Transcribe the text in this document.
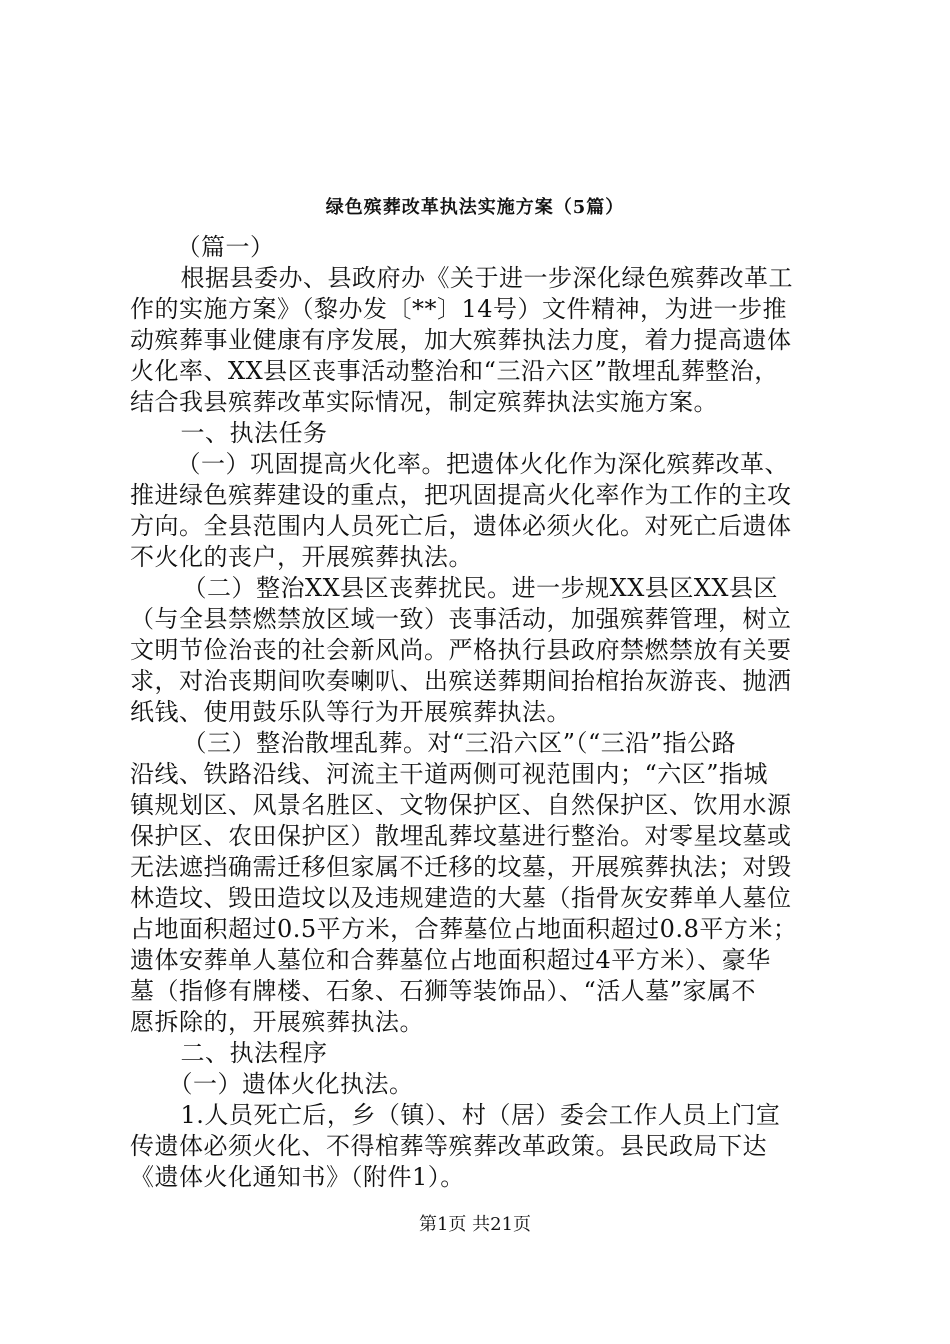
绿色殡葬改革执法实施方案（5篇）
　（篇一）
　根据县委办、县政府办《关于进一步深化绿色殡葬改革工
作的实施方案》（黎办发〔**〕14号）文件精神，为进一步推
动殡葬事业健康有序发展，加大殡葬执法力度，着力提高遗体
火化率、XX县区丧事活动整治和“三沿六区”散埋乱葬整治，
结合我县殡葬改革实际情况，制定殡葬执法实施方案。
　一、执法任务
　（一）巩固提高火化率。把遗体火化作为深化殡葬改革、
推进绿色殡葬建设的重点，把巩固提高火化率作为工作的主攻
方向。全县范围内人员死亡后，遗体必须火化。对死亡后遗体
不火化的丧户，开展殡葬执法。
　（二）整治XX县区丧葬扰民。进一步规XX县区XX县区
（与全县禁燃禁放区域一致）丧事活动，加强殡葬管理，树立
文明节俭治丧的社会新风尚。严格执行县政府禁燃禁放有关要
求，对治丧期间吹奏喇叭、出殡送葬期间抬棺抬灰游丧、抛洒
纸钱、使用鼓乐队等行为开展殡葬执法。
　（三）整治散埋乱葬。对“三沿六区”（“三沿”指公路
沿线、铁路沿线、河流主干道两侧可视范围内；“六区”指城
镇规划区、风景名胜区、文物保护区、自然保护区、饮用水源
保护区、农田保护区）散埋乱葬坟墓进行整治。对零星坟墓或
无法遮挡确需迁移但家属不迁移的坟墓，开展殡葬执法；对毁
林造坟、毁田造坟以及违规建造的大墓（指骨灰安葬单人墓位
占地面积超过0.5平方米，合葬墓位占地面积超过0.8平方米；
遗体安葬单人墓位和合葬墓位占地面积超过4平方米）、豪华
墓（指修有牌楼、石象、石狮等装饰品）、“活人墓”家属不
愿拆除的，开展殡葬执法。
　二、执法程序
　（一）遗体火化执法。
　1.人员死亡后，乡（镇）、村（居）委会工作人员上门宣
传遗体必须火化、不得棺葬等殡葬改革政策。县民政局下达
《遗体火化通知书》（附件1）。
第1页 共21页
